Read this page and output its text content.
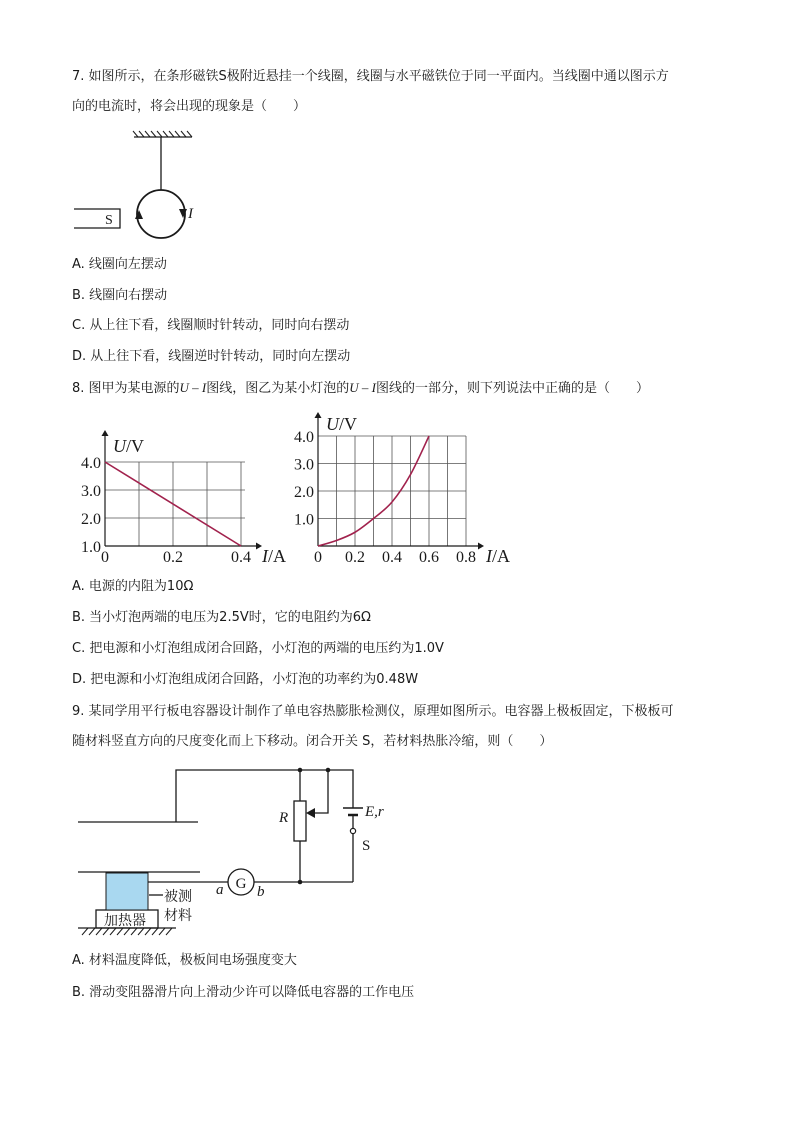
7. 如图所示，在条形磁铁S极附近悬挂一个线圈，线圈与水平磁铁位于同一平面内。当线圈中通以图示方
向的电流时，将会出现的现象是（　　）
I
S
A. 线圈向左摆动
B. 线圈向右摆动
C. 从上往下看，线圈顺时针转动，同时向右摆动
D. 从上往下看，线圈逆时针转动，同时向左摆动
8. 图甲为某电源的U – I图线，图乙为某小灯泡的U – I图线的一部分，则下列说法中正确的是（　　）
0	0.2	0.4
1.0
2.0
3.0
4.0
U/V
I/A 0 0.2 0.4 0.6 0.8
1.0
2.0
3.0
4.0
U/V
I/A
A. 电源的内阻为10Ω
B. 当小灯泡两端的电压为2.5V时，它的电阻约为6Ω
C. 把电源和小灯泡组成闭合回路，小灯泡的两端的电压约为1.0V
D. 把电源和小灯泡组成闭合回路，小灯泡的功率约为0.48W
9. 某同学用平行板电容器设计制作了单电容热膨胀检测仪，原理如图所示。电容器上极板固定，下极板可
随材料竖直方向的尺度变化而上下移动。闭合开关 S，若材料热胀冷缩，则（　　）
G
R	E,r
S
a b
加热器
被测
材料
A. 材料温度降低，极板间电场强度变大
B. 滑动变阻器滑片向上滑动少许可以降低电容器的工作电压
